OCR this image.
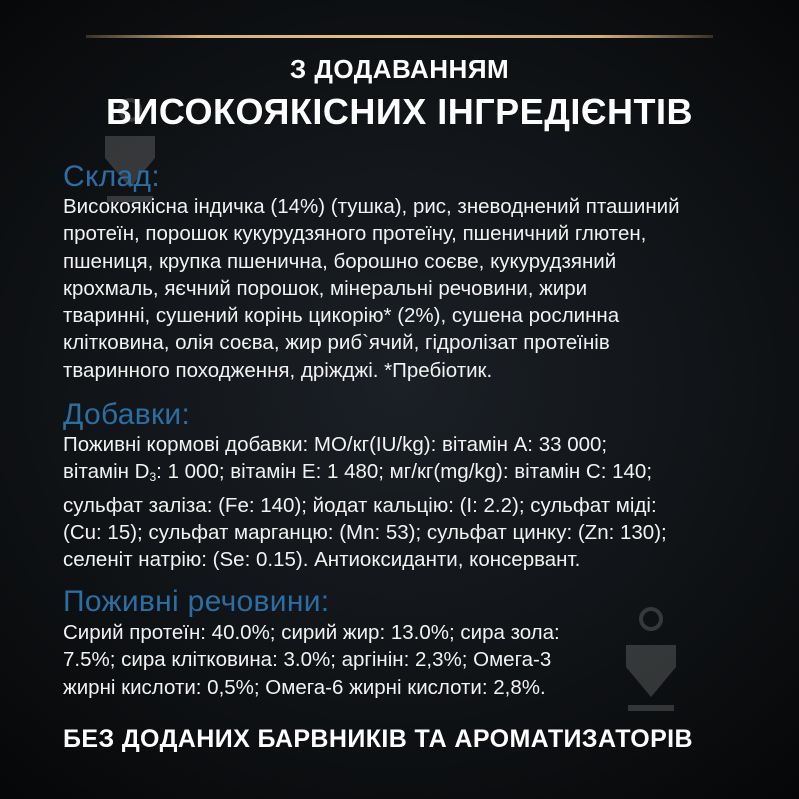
З ДОДАВАННЯМ
ВИСОКОЯКІСНИХ ІНГРЕДІЄНТІВ
Склад:
Високоякісна індичка (14%) (тушка), рис, зневоднений пташиний
протеїн, порошок кукурудзяного протеїну, пшеничний глютен,
пшениця, крупка пшенична, борошно соєве, кукурудзяний
крохмаль, яєчний порошок, мінеральні речовини, жири
тваринні, сушений корінь цикорію* (2%), сушена рослинна
клітковина, олія соєва, жир риб`ячий, гідролізат протеїнів
тваринного походження, дріжджі. *Пребіотик.
Добавки:
Поживні кормові добавки: МО/кг(IU/kg): вітамін А: 33 000;
вітамін $D_3$: 1 000; вітамін Е: 1 480; мг/кг(mg/kg): вітамін С: 140;
сульфат заліза: (Fe: 140); йодат кальцію: (I: 2.2); сульфат міді:
(Cu: 15); сульфат марганцю: (Mn: 53); сульфат цинку: (Zn: 130);
селеніт натрію: (Se: 0.15). Антиоксиданти, консервант.
Поживні речовини:
Сирий протеїн: 40.0%; сирий жир: 13.0%; сира зола:
7.5%; сира клітковина: 3.0%; аргінін: 2,3%; Омега-3
жирні кислоти: 0,5%; Омега-6 жирні кислоти: 2,8%.
БЕЗ ДОДАНИХ БАРВНИКІВ ТА АРОМАТИЗАТОРІВ
